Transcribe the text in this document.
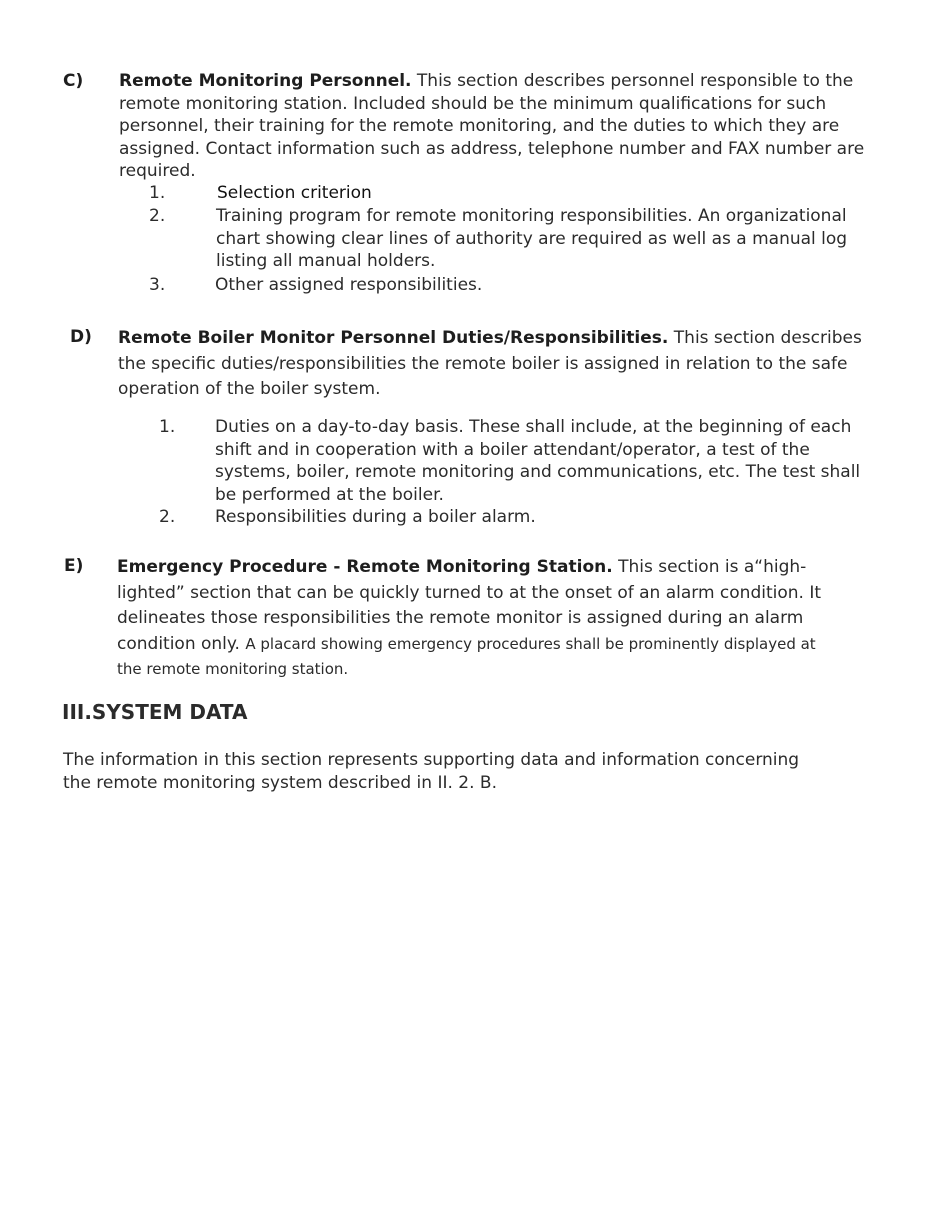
C) Remote Monitoring Personnel. This section describes personnel responsible to the remote monitoring station. Included should be the minimum qualifications for such personnel, their training for the remote monitoring, and the duties to which they are assigned. Contact information such as address, telephone number and FAX number are required.
1.	Selection criterion
2.	Training program for remote monitoring responsibilities. An organizational chart showing clear lines of authority are required as well as a manual log listing all manual holders.
3.	Other assigned responsibilities.
D) Remote Boiler Monitor Personnel Duties/Responsibilities. This section describes the specific duties/responsibilities the remote boiler is assigned in relation to the safe operation of the boiler system.
1. Duties on a day-to-day basis. These shall include, at the beginning of each shift and in cooperation with a boiler attendant/operator, a test of the systems, boiler, remote monitoring and communications, etc. The test shall be performed at the boiler.
2. Responsibilities during a boiler alarm.
E) Emergency Procedure - Remote Monitoring Station. This section is a“high-lighted” section that can be quickly turned to at the onset of an alarm condition. It delineates those responsibilities the remote monitor is assigned during an alarm condition only. A placard showing emergency procedures shall be prominently displayed at the remote monitoring station.
III.SYSTEM DATA
The information in this section represents supporting data and information concerning the remote monitoring system described in II. 2. B.
